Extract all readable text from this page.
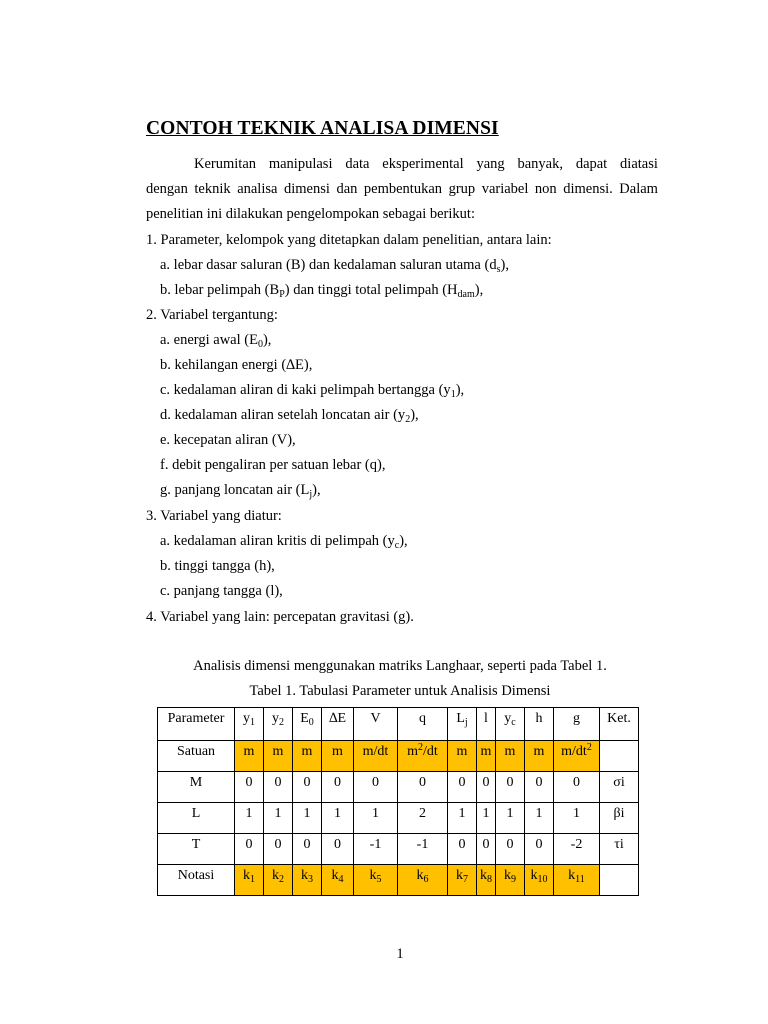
CONTOH TEKNIK ANALISA DIMENSI
Kerumitan manipulasi data eksperimental yang banyak, dapat diatasi
dengan teknik analisa dimensi dan pembentukan grup variabel non dimensi. Dalam
penelitian ini dilakukan pengelompokan sebagai berikut:
1. Parameter, kelompok yang ditetapkan dalam penelitian, antara lain:
a. lebar dasar saluran (B) dan kedalaman saluran utama $(d_s)$,
b. lebar pelimpah $(B_P)$ dan tinggi total pelimpah $(H_{dam})$,
2. Variabel tergantung:
a. energi awal $(E_0)$,
b. kehilangan energi (∆E),
c. kedalaman aliran di kaki pelimpah bertangga $(y_1)$,
d. kedalaman aliran setelah loncatan air $(y_2)$,
e. kecepatan aliran (V),
f. debit pengaliran per satuan lebar (q),
g. panjang loncatan air $(L_j)$,
3. Variabel yang diatur:
a. kedalaman aliran kritis di pelimpah $(y_c)$,
b. tinggi tangga (h),
c. panjang tangga (l),
4. Variabel yang lain: percepatan gravitasi (g).
Analisis dimensi menggunakan matriks Langhaar, seperti pada Tabel 1.
Tabel 1. Tabulasi Parameter untuk Analisis Dimensi
Parameter	$y_1$	$y_2$	$E_0$	∆E	V	q	$L_j$	l	$y_c$	h	g	Ket.
Satuan	m	m	m	m	m/dt	$m^2/dt$	m	m	m	m	$m/dt^2$	
M	0	0	0	0	0	0	0	0	0	0	0	σi
L	1	1	1	1	1	2	1	1	1	1	1	βi
T	0	0	0	0	-1	-1	0	0	0	0	-2	τi
Notasi	$k_1$	$k_2$	$k_3$	$k_4$	$k_5$	$k_6$	$k_7$	$k_8$	$k_9$	$k_{10}$	$k_{11}$	
1
